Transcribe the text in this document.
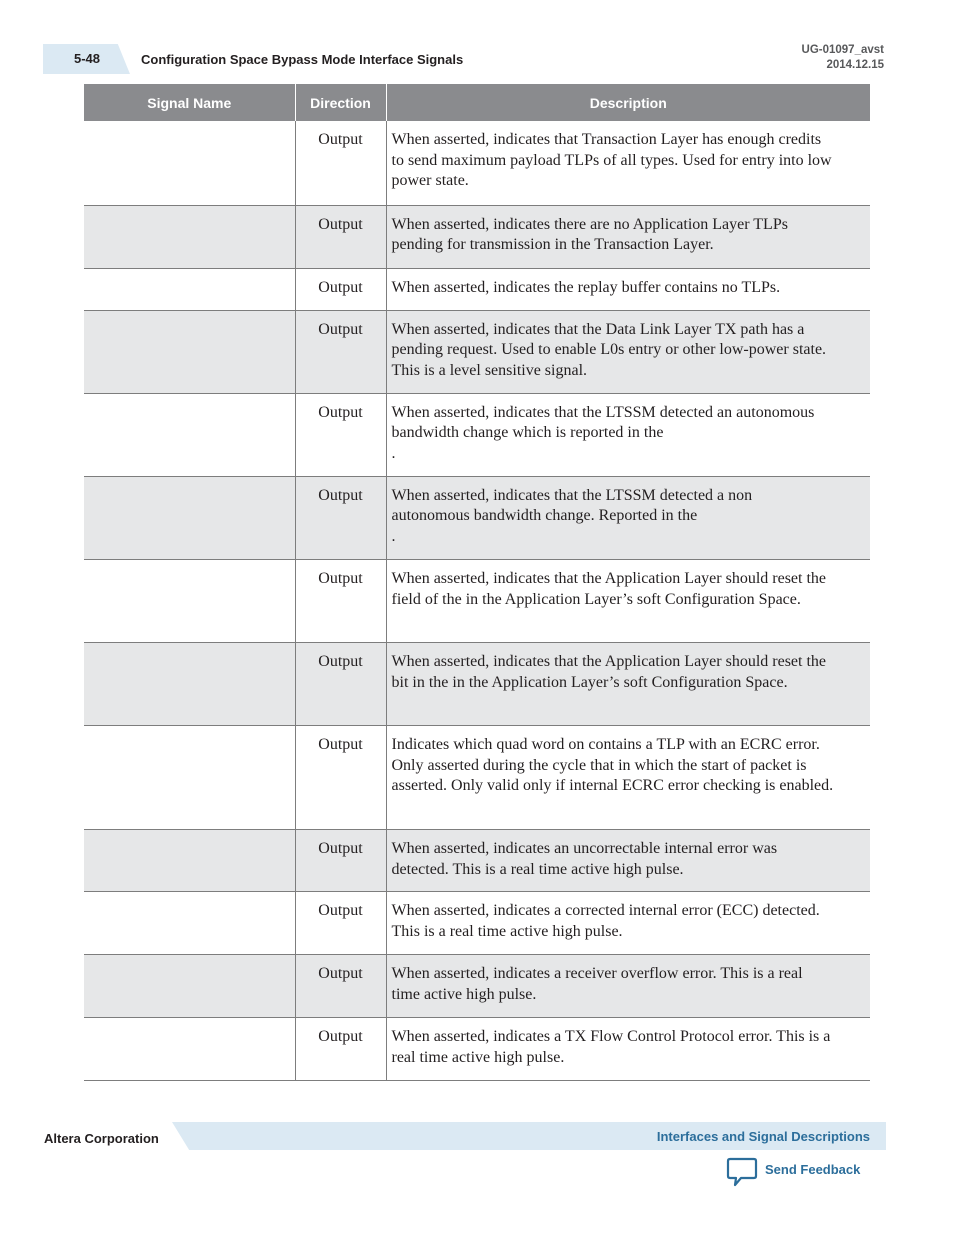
5-48	Configuration Space Bypass Mode Interface Signals
UG-01097_avst
2014.12.15
Signal Name	Direction	Description
	Output	When asserted, indicates that Transaction Layer has enough credits to send maximum payload TLPs of all types. Used for entry into low power state.
	Output	When asserted, indicates there are no Application Layer TLPs pending for transmission in the Transaction Layer.
	Output	When asserted, indicates the replay buffer contains no TLPs.
	Output	When asserted, indicates that the Data Link Layer TX path has a pending request. Used to enable L0s entry or other low-power state. This is a level sensitive signal.
	Output	When asserted, indicates that the LTSSM detected an autonomous bandwidth change which is reported in the
.
	Output	When asserted, indicates that the LTSSM detected a non autonomous bandwidth change. Reported in the
.
	Output	When asserted, indicates that the Application Layer should reset the field of the in the Application Layer’s soft Configuration Space.
	Output	When asserted, indicates that the Application Layer should reset the bit in the in the Application Layer’s soft Configuration Space.
	Output	Indicates which quad word on contains a TLP with an ECRC error. Only asserted during the cycle that in which the start of packet is asserted. Only valid only if internal ECRC error checking is enabled.
	Output	When asserted, indicates an uncorrectable internal error was detected. This is a real time active high pulse.
	Output	When asserted, indicates a corrected internal error (ECC) detected. This is a real time active high pulse.
	Output	When asserted, indicates a receiver overflow error. This is a real time active high pulse.
	Output	When asserted, indicates a TX Flow Control Protocol error. This is a real time active high pulse.
Altera Corporation	Interfaces and Signal Descriptions
Send Feedback
